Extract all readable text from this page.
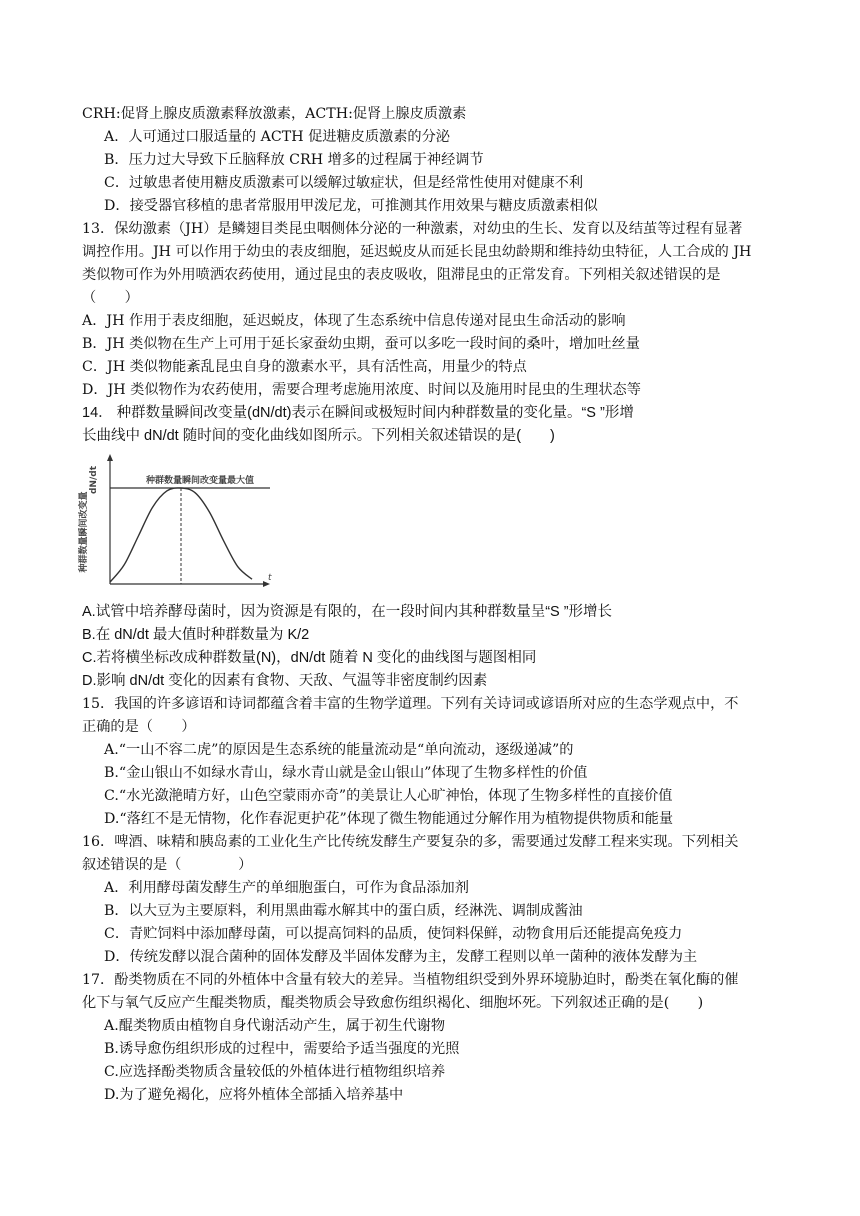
CRH:促肾上腺皮质激素释放激素，ACTH:促肾上腺皮质激素
A．人可通过口服适量的 ACTH 促进糖皮质激素的分泌
B．压力过大导致下丘脑释放 CRH 增多的过程属于神经调节
C．过敏患者使用糖皮质激素可以缓解过敏症状，但是经常性使用对健康不利
D．接受器官移植的患者常服用甲泼尼龙，可推测其作用效果与糖皮质激素相似
13．保幼激素（JH）是鳞翅目类昆虫咽侧体分泌的一种激素，对幼虫的生长、发育以及结茧等过程有显著
调控作用。JH 可以作用于幼虫的表皮细胞，延迟蜕皮从而延长昆虫幼龄期和维持幼虫特征，人工合成的 JH
类似物可作为外用喷洒农药使用，通过昆虫的表皮吸收，阻滞昆虫的正常发育。下列相关叙述错误的是
（　　）
A．JH 作用于表皮细胞，延迟蜕皮，体现了生态系统中信息传递对昆虫生命活动的影响
B．JH 类似物在生产上可用于延长家蚕幼虫期，蚕可以多吃一段时间的桑叶，增加吐丝量
C．JH 类似物能紊乱昆虫自身的激素水平，具有活性高，用量少的特点
D．JH 类似物作为农药使用，需要合理考虑施用浓度、时间以及施用时昆虫的生理状态等
14． 种群数量瞬间改变量(dN/dt)表示在瞬间或极短时间内种群数量的变化量。“S ”形增
长曲线中 dN/dt 随时间的变化曲线如图所示。下列相关叙述错误的是(　　)
dN/dt
种群数量瞬间改变量
t
种群数量瞬间改变量最大值
A.试管中培养酵母菌时，因为资源是有限的，在一段时间内其种群数量呈“S ”形增长
B.在 dN/dt 最大值时种群数量为 K/2
C.若将横坐标改成种群数量(N)，dN/dt 随着 N 变化的曲线图与题图相同
D.影响 dN/dt 变化的因素有食物、天敌、气温等非密度制约因素
15．我国的许多谚语和诗词都蕴含着丰富的生物学道理。下列有关诗词或谚语所对应的生态学观点中，不
正确的是（　　）
A.“一山不容二虎”的原因是生态系统的能量流动是“单向流动，逐级递减”的
B.“金山银山不如绿水青山，绿水青山就是金山银山”体现了生物多样性的价值
C.“水光潋滟晴方好，山色空蒙雨亦奇”的美景让人心旷神怡，体现了生物多样性的直接价值
D.“落红不是无情物，化作春泥更护花”体现了微生物能通过分解作用为植物提供物质和能量
16．啤酒、味精和胰岛素的工业化生产比传统发酵生产要复杂的多，需要通过发酵工程来实现。下列相关
叙述错误的是（　　　　）
A．利用酵母菌发酵生产的单细胞蛋白，可作为食品添加剂
B．以大豆为主要原料，利用黑曲霉水解其中的蛋白质，经淋洗、调制成酱油
C．青贮饲料中添加酵母菌，可以提高饲料的品质，使饲料保鲜，动物食用后还能提高免疫力
D．传统发酵以混合菌种的固体发酵及半固体发酵为主，发酵工程则以单一菌种的液体发酵为主
17．酚类物质在不同的外植体中含量有较大的差异。当植物组织受到外界环境胁迫时，酚类在氧化酶的催
化下与氧气反应产生醌类物质，醌类物质会导致愈伤组织褐化、细胞坏死。下列叙述正确的是(　　)
A.醌类物质由植物自身代谢活动产生，属于初生代谢物
B.诱导愈伤组织形成的过程中，需要给予适当强度的光照
C.应选择酚类物质含量较低的外植体进行植物组织培养
D.为了避免褐化，应将外植体全部插入培养基中
